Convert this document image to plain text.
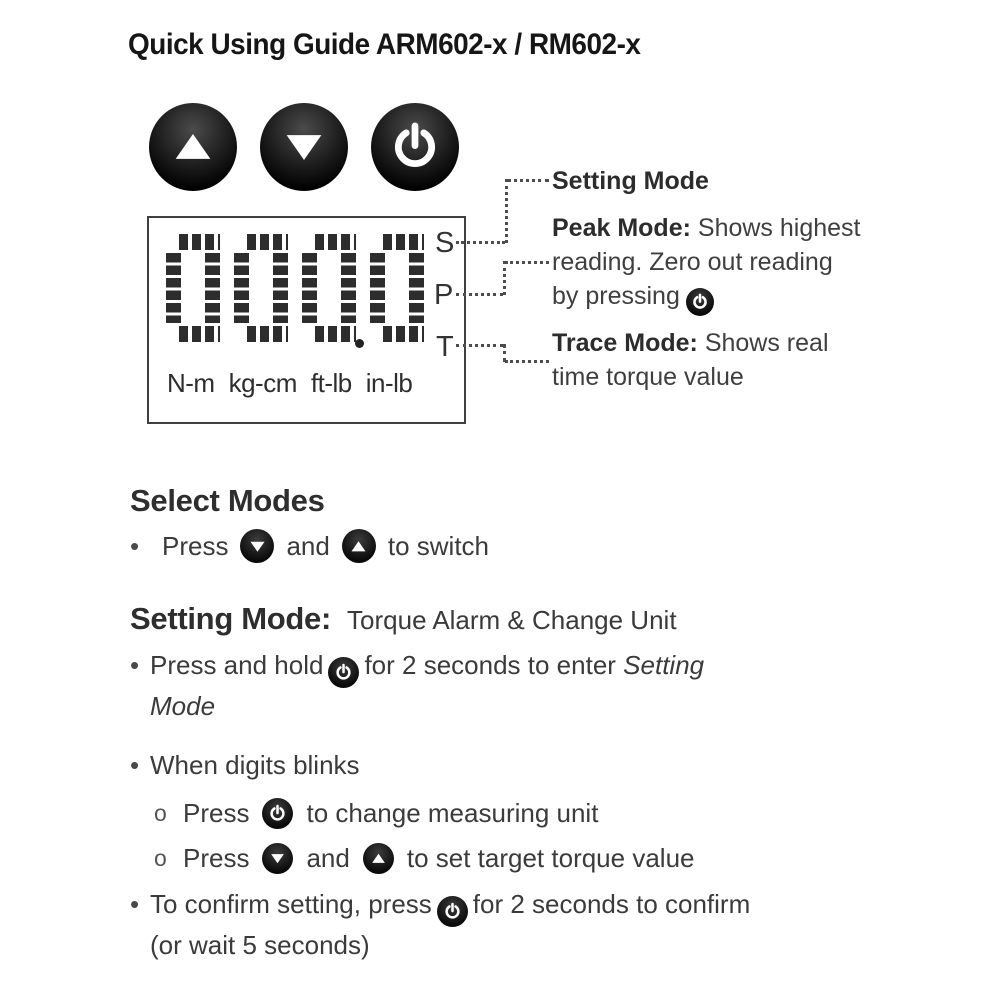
Quick Using Guide ARM602-x / RM602-x
S
P
T
N-m kg-cm ft-lb in-lb
Setting Mode
Peak Mode: Shows highest
reading. Zero out reading
by pressing
Trace Mode: Shows real
time torque value
Select Modes
• Press and to switch
Setting Mode: Torque Alarm & Change Unit
• Press and hold for 2 seconds to enter Setting
Mode
• When digits blinks
o Press to change measuring unit
o Press and to set target torque value
• To confirm setting, press for 2 seconds to confirm
(or wait 5 seconds)
